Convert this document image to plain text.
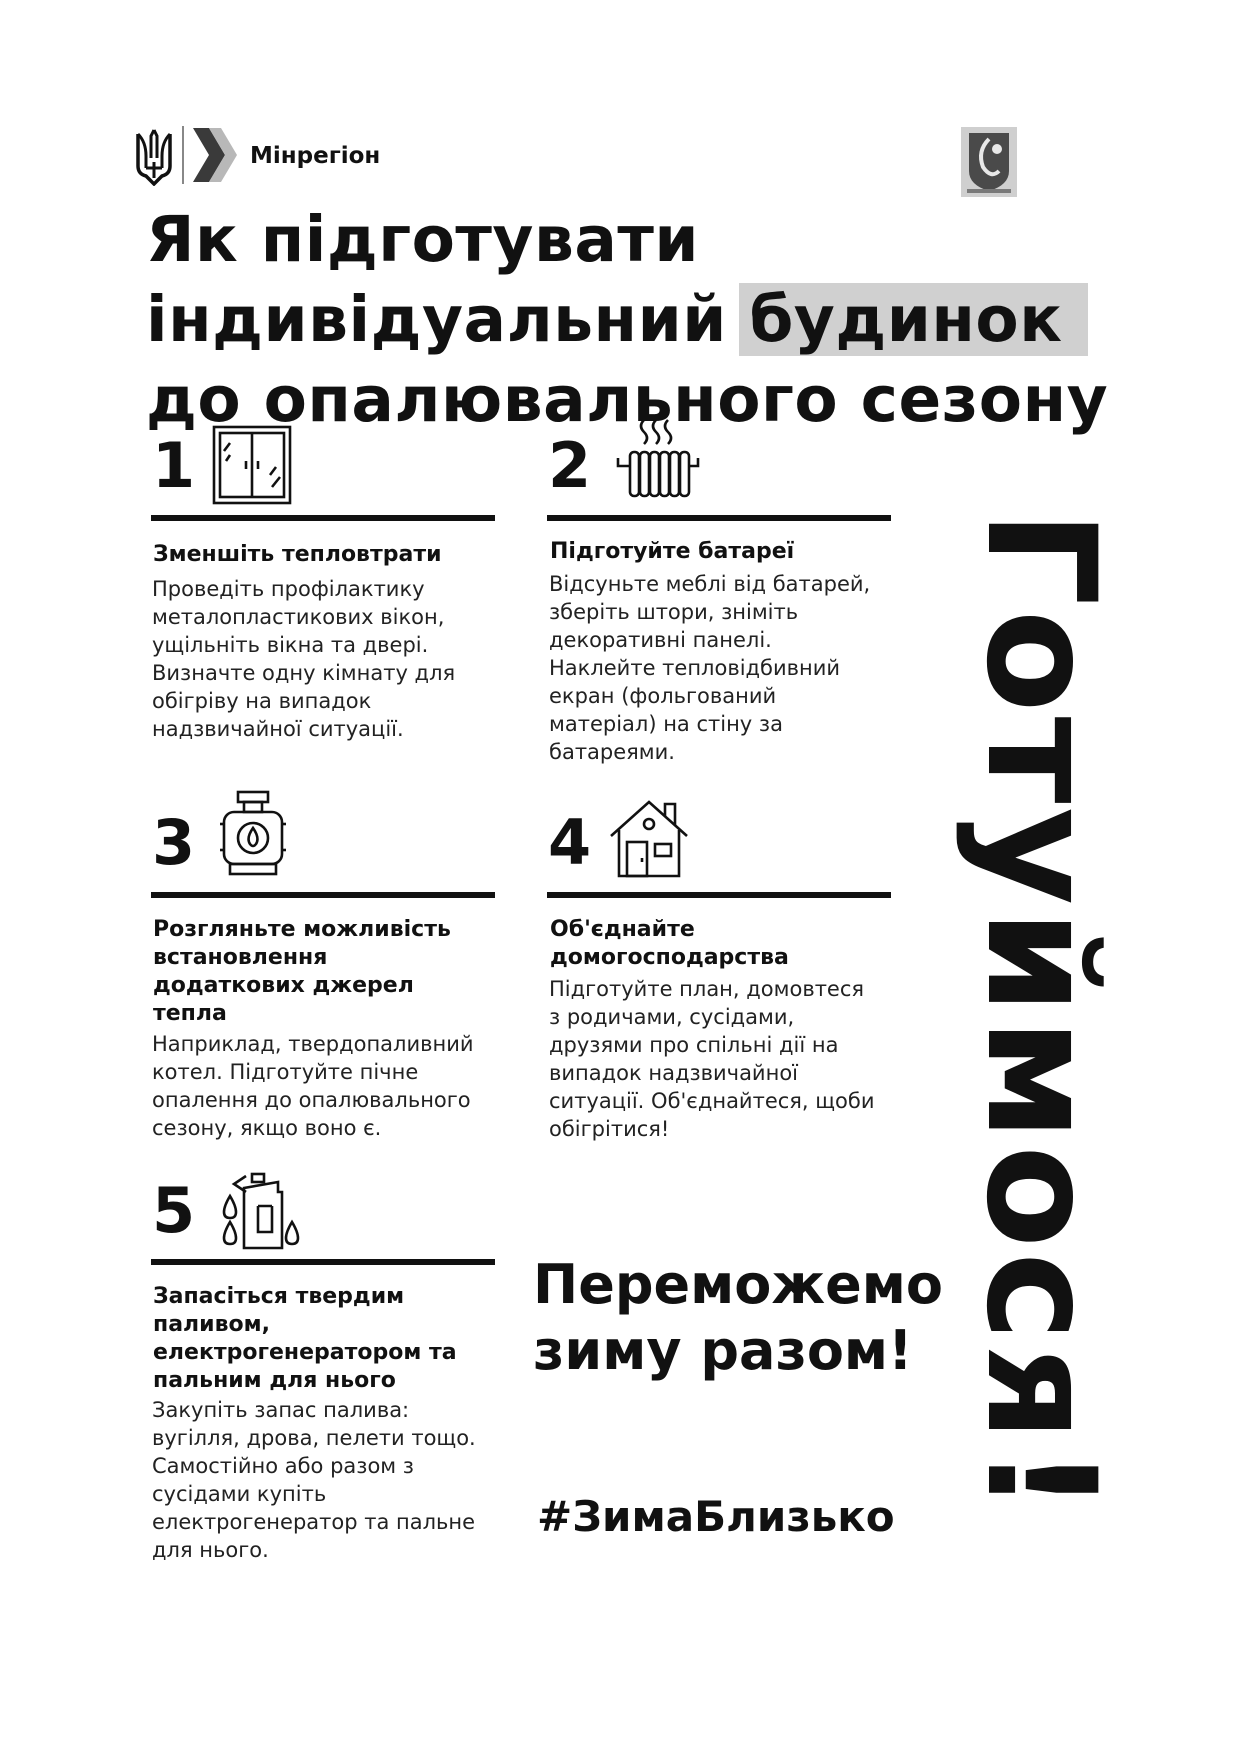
Мінрегіон
Як підготувати
індивідуальний будинок
до опалювального сезону
1
Зменшіть тепловтрати
Проведіть профілактику
металопластикових вікон,
ущільніть вікна та двері.
Визначте одну кімнату для
обігріву на випадок
надзвичайної ситуації.
2
Підготуйте батареї
Відсуньте меблі від батарей,
зберіть штори, зніміть
декоративні панелі.
Наклейте тепловідбивний
екран (фольгований
матеріал) на стіну за
батареями.
3
Розгляньте можливість
встановлення
додаткових джерел
тепла
Наприклад, твердопаливний
котел. Підготуйте пічне
опалення до опалювального
сезону, якщо воно є.
4
Об'єднайте
домогосподарства
Підготуйте план, домовтеся
з родичами, сусідами,
друзями про спільні дії на
випадок надзвичайної
ситуації. Об'єднайтеся, щоби
обігрітися!
5
Запасіться твердим
паливом,
електрогенератором та
пальним для нього
Закупіть запас палива:
вугілля, дрова, пелети тощо.
Самостійно або разом з
сусідами купіть
електрогенератор та пальне
для нього.
Переможемо
зиму разом!
#ЗимаБлизько Готуймося!
